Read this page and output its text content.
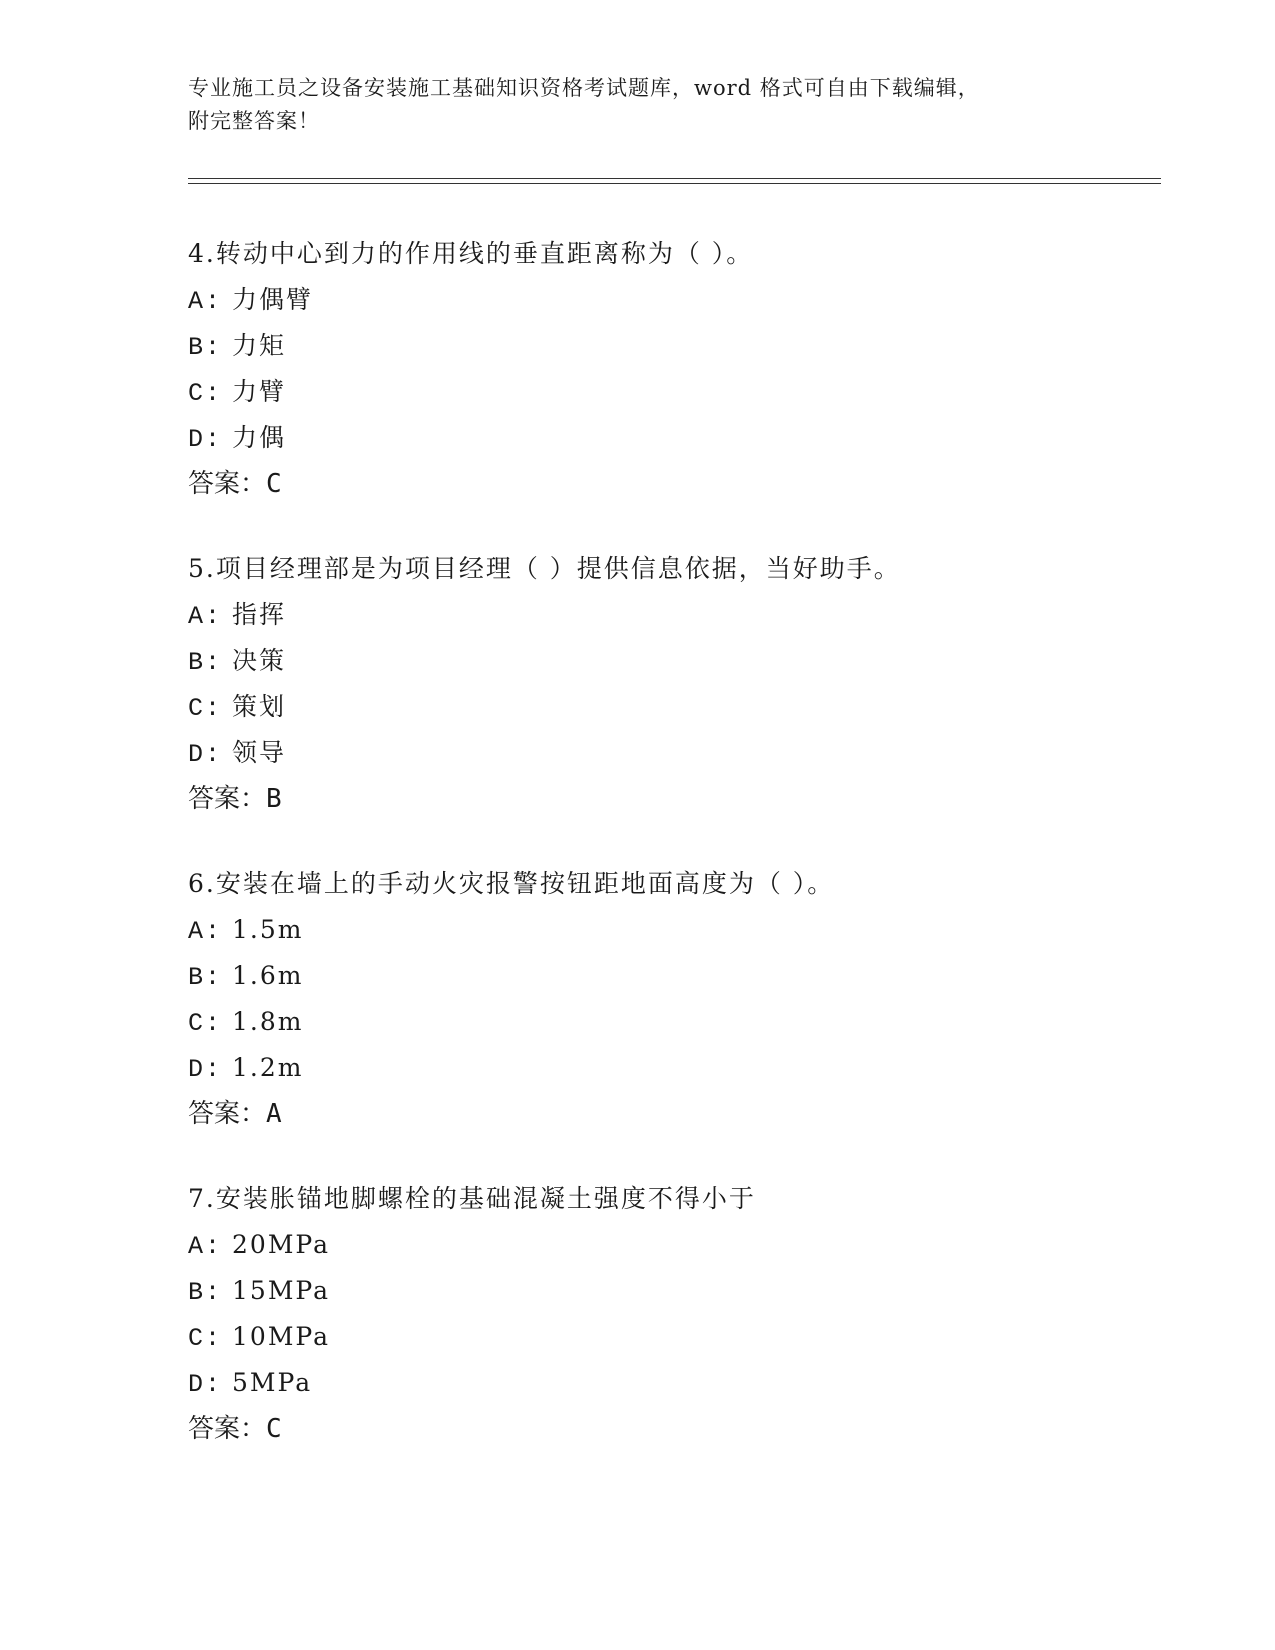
专业施工员之设备安装施工基础知识资格考试题库，word 格式可自由下载编辑，
附完整答案！
4.转动中心到力的作用线的垂直距离称为（ ）。
A: 力偶臂
B: 力矩
C: 力臂
D: 力偶
答案：C
5.项目经理部是为项目经理（ ）提供信息依据，当好助手。
A: 指挥
B: 决策
C: 策划
D: 领导
答案：B
6.安装在墙上的手动火灾报警按钮距地面高度为（ ）。
A: 1.5m
B: 1.6m
C: 1.8m
D: 1.2m
答案：A
7.安装胀锚地脚螺栓的基础混凝土强度不得小于
A: 20MPa
B: 15MPa
C: 10MPa
D: 5MPa
答案：C
